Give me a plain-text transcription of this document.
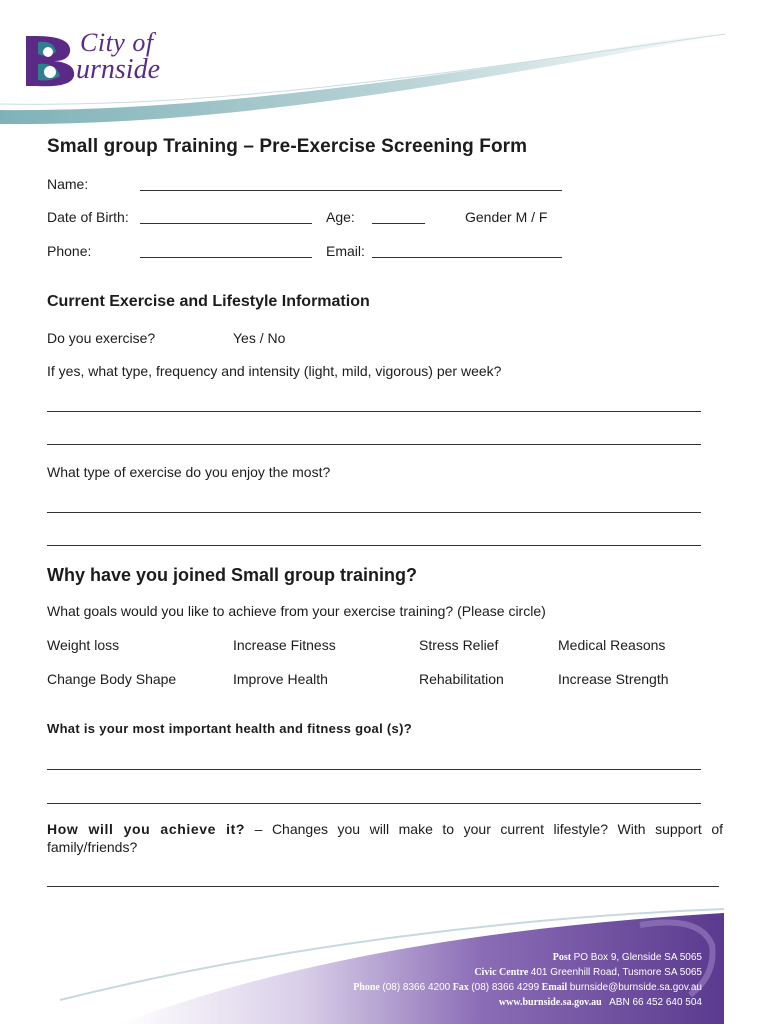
City of
urnside
Small group Training – Pre-Exercise Screening Form
Name:
Date of Birth:	Age:	Gender M / F
Phone:	Email:
Current Exercise and Lifestyle Information
Do you exercise?	Yes / No
If yes, what type, frequency and intensity (light, mild, vigorous) per week?
What type of exercise do you enjoy the most?
Why have you joined Small group training?
What goals would you like to achieve from your exercise training? (Please circle)
Weight loss	Increase Fitness	Stress Relief	Medical Reasons
Change Body Shape	Improve Health	Rehabilitation	Increase Strength
What is your most important health and fitness goal (s)?
How will you achieve it? – Changes you will make to your current lifestyle? With support of family/friends?
Post PO Box 9, Glenside SA 5065
Civic Centre 401 Greenhill Road, Tusmore SA 5065
Phone (08) 8366 4200 Fax (08) 8366 4299 Email burnside@burnside.sa.gov.au
www.burnside.sa.gov.au ABN 66 452 640 504
